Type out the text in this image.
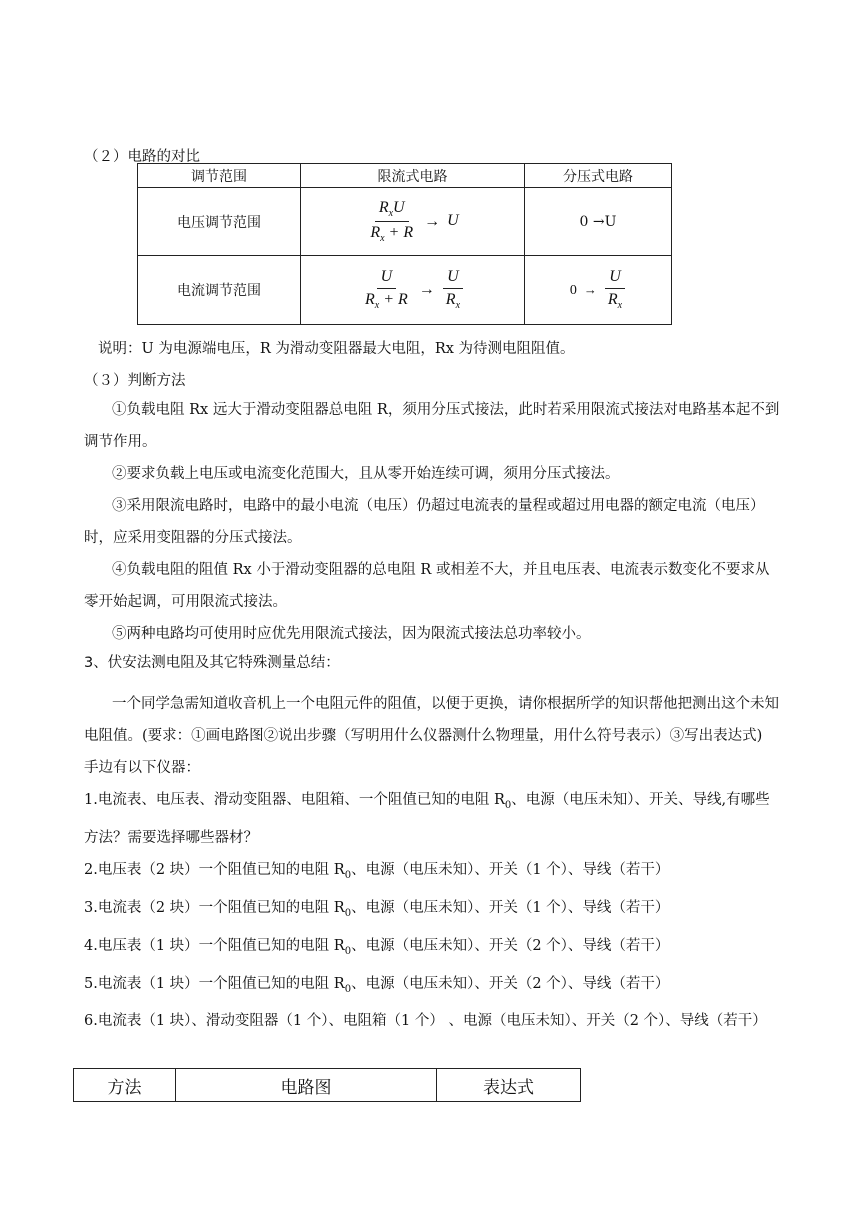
（２）电路的对比
调节范围	限流式电路	分压式电路
电压调节范围	$\frac{R_xU}{R_x + R} \to U$	0 →U
电流调节范围	$\frac{U}{R_x + R} \to \frac{U}{R_x}$	$0 \to \frac{U}{R_x}$
说明：U 为电源端电压，R 为滑动变阻器最大电阻，Rx 为待测电阻阻值。
（３）判断方法

①负载电阻 Rx 远大于滑动变阻器总电阻 R，须用分压式接法，此时若采用限流式接法对电路基本起不到调节作用。

②要求负载上电压或电流变化范围大，且从零开始连续可调，须用分压式接法。

③采用限流电路时，电路中的最小电流（电压）仍超过电流表的量程或超过用电器的额定电流（电压）时，应采用变阻器的分压式接法。

④负载电阻的阻值 Rx 小于滑动变阻器的总电阻 R 或相差不大，并且电压表、电流表示数变化不要求从零开始起调，可用限流式接法。

⑤两种电路均可使用时应优先用限流式接法，因为限流式接法总功率较小。

3、伏安法测电阻及其它特殊测量总结：

一个同学急需知道收音机上一个电阻元件的阻值，以便于更换，请你根据所学的知识帮他把测出这个未知电阻值。(要求：①画电路图②说出步骤（写明用什么仪器测什么物理量，用什么符号表示）③写出表达式)

手边有以下仪器：

1.电流表、电压表、滑动变阻器、电阻箱、一个阻值已知的电阻 $R_0$、电源（电压未知）、开关、导线,有哪些方法？需要选择哪些器材？

2.电压表（2 块）一个阻值已知的电阻 $R_0$、电源（电压未知）、开关（1 个）、导线（若干）

3.电流表（2 块）一个阻值已知的电阻 $R_0$、电源（电压未知）、开关（1 个）、导线（若干）

4.电压表（1 块）一个阻值已知的电阻 $R_0$、电源（电压未知）、开关（2 个）、导线（若干）

5.电流表（1 块）一个阻值已知的电阻 $R_0$、电源（电压未知）、开关（2 个）、导线（若干）

6.电流表（1 块）、滑动变阻器（1 个）、电阻箱（1 个） 、电源（电压未知）、开关（2 个）、导线（若干）

方法	电路图	表达式
